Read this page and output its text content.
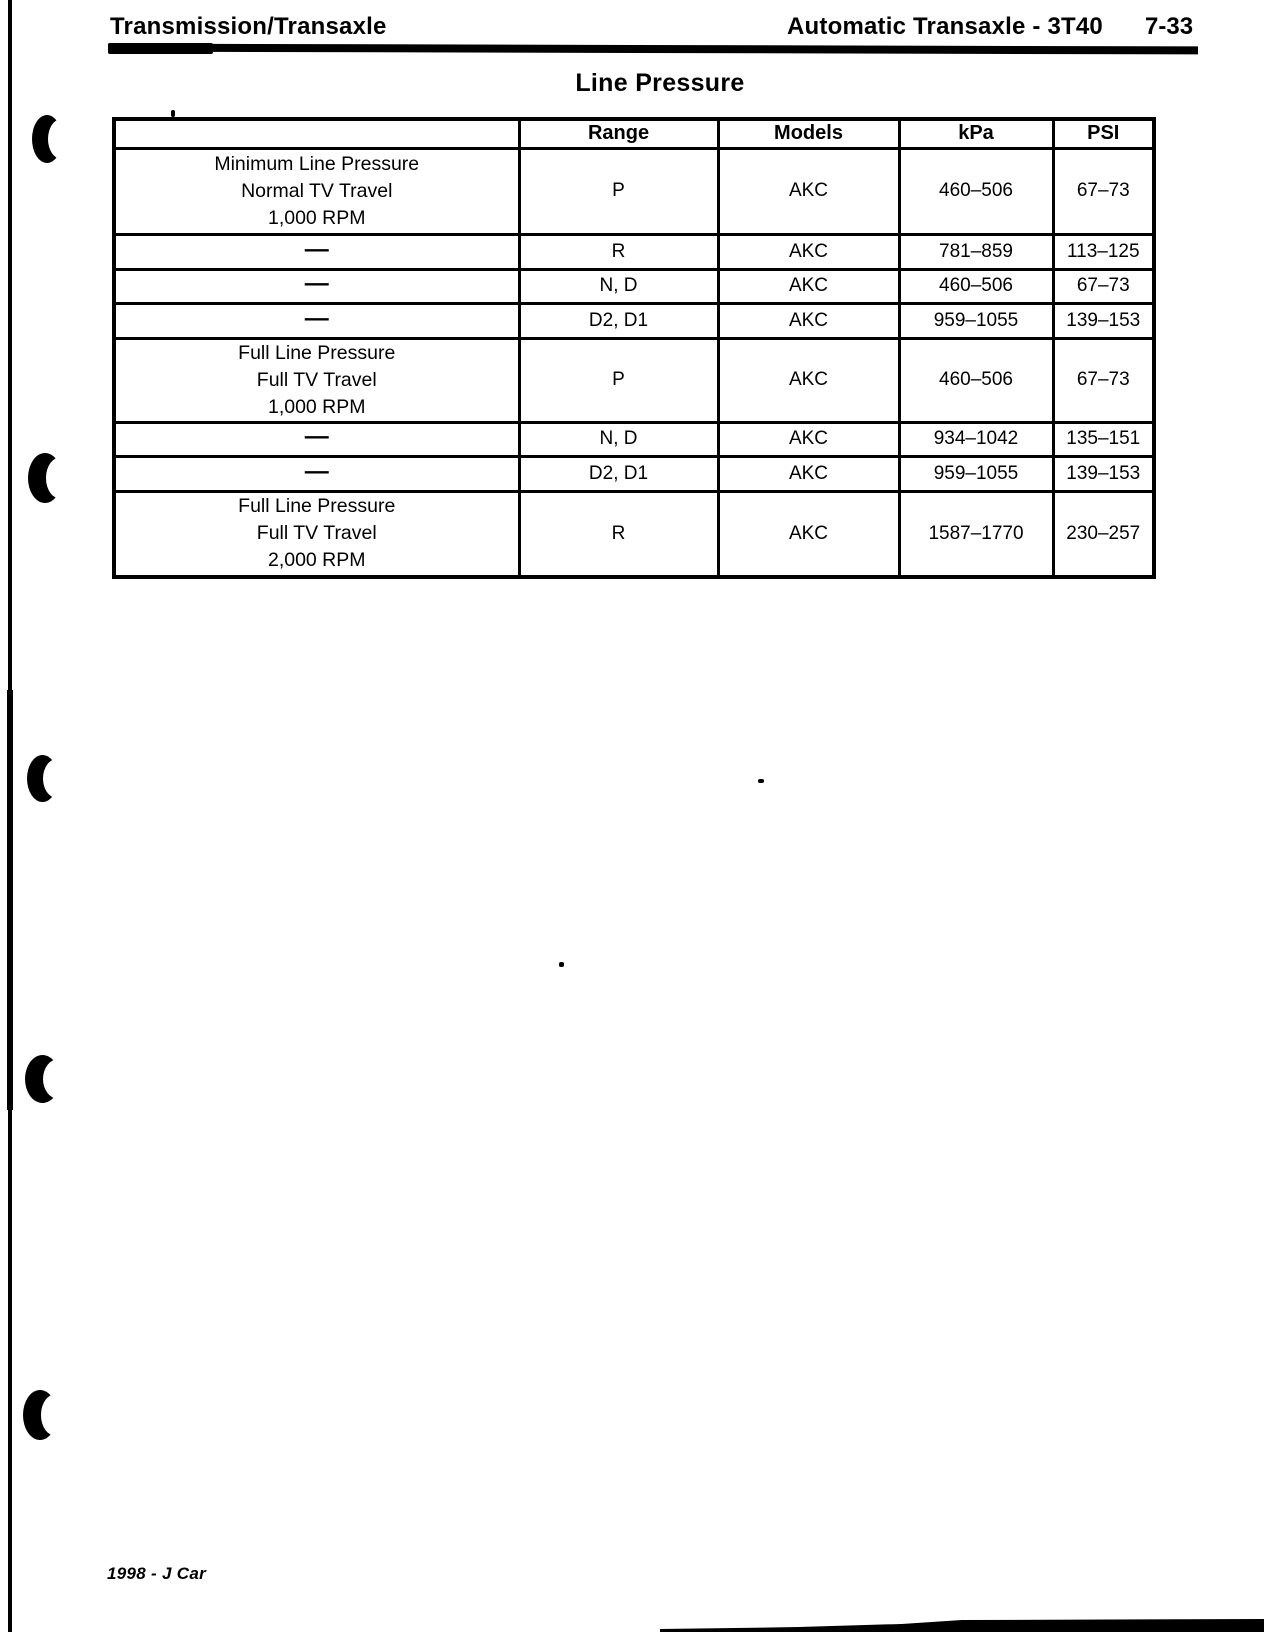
Transmission/Transaxle	Automatic Transaxle - 3T40 7-33
Line Pressure
	Range	Models	kPa	PSI

Minimum Line Pressure
Normal TV Travel
1,000 RPM	P	AKC	460–506	67–73
—	R	AKC	781–859	113–125
—	N, D	AKC	460–506	67–73
—	D2, D1	AKC	959–1055	139–153

Full Line Pressure
Full TV Travel
1,000 RPM	P	AKC	460–506	67–73
—	N, D	AKC	934–1042	135–151
—	D2, D1	AKC	959–1055	139–153

Full Line Pressure
Full TV Travel
2,000 RPM	R	AKC	1587–1770	230–257
1998 - J Car
